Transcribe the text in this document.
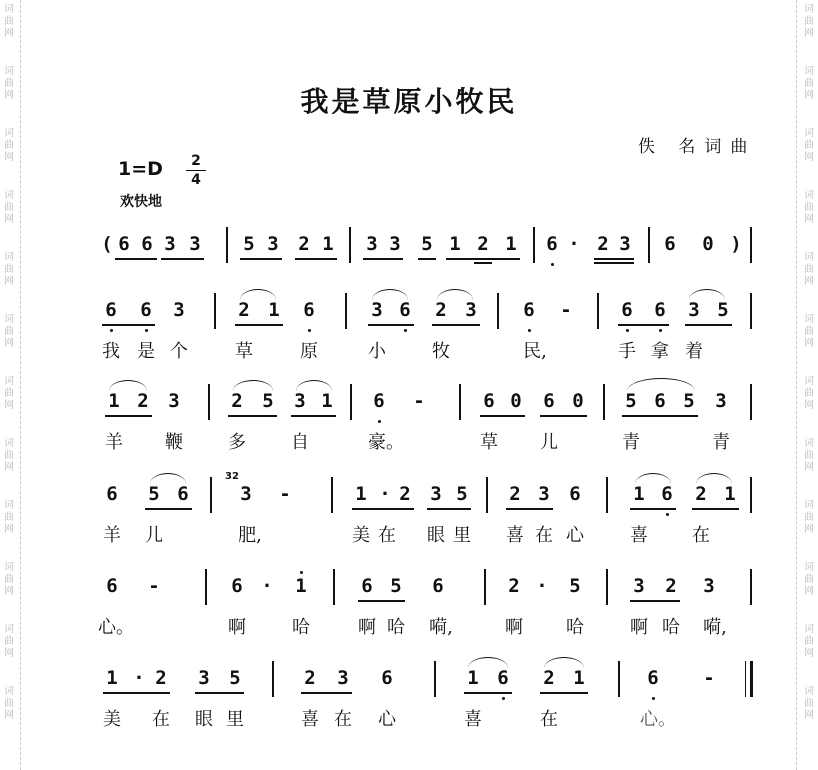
词
曲
网
词
曲
网
词
曲
网
词
曲
网
词
曲
网
词
曲
网
词
曲
网
词
曲
网
词
曲
网
词
曲
网
词
曲
网
词
曲
网
词
曲
网
词
曲
网
词
曲
网
词
曲
网
词
曲
网
词
曲
网
词
曲
网
词
曲
网
词
曲
网
词
曲
网
词
曲
网
词
曲
网
我是草原小牧民
佚 名词曲
1=D	2
4
欢快地
( 6 6 3 3 5 3 2 1 3 3 5 1 2 1 6 · 2 3 6 0 )
6 6 3	2 1 6	3 6 2 3 6 -	6 6 3 5
我 是 个	草	原	小	牧	民,	手 拿 着
1 2 3	2 5 3 1 6 -	6 0 6 0 5 6 5 3
羊 鞭	多	自	豪。	草 儿	青	青
6 5 6
32
3 -	1 · 2 3 5 2 3 6	1 6 2 1
羊 儿	肥,	美 在 眼 里 喜 在 心	喜 在
6 -	6 · 1	6 5 6	2 · 5	3 2 3
心。	啊	哈	啊 哈 嗬,	啊 哈	啊 哈 嗬,
1 · 2 3 5	2 3 6	1 6 2 1	6 -
美 在 眼 里	喜 在 心	喜	在	心。
